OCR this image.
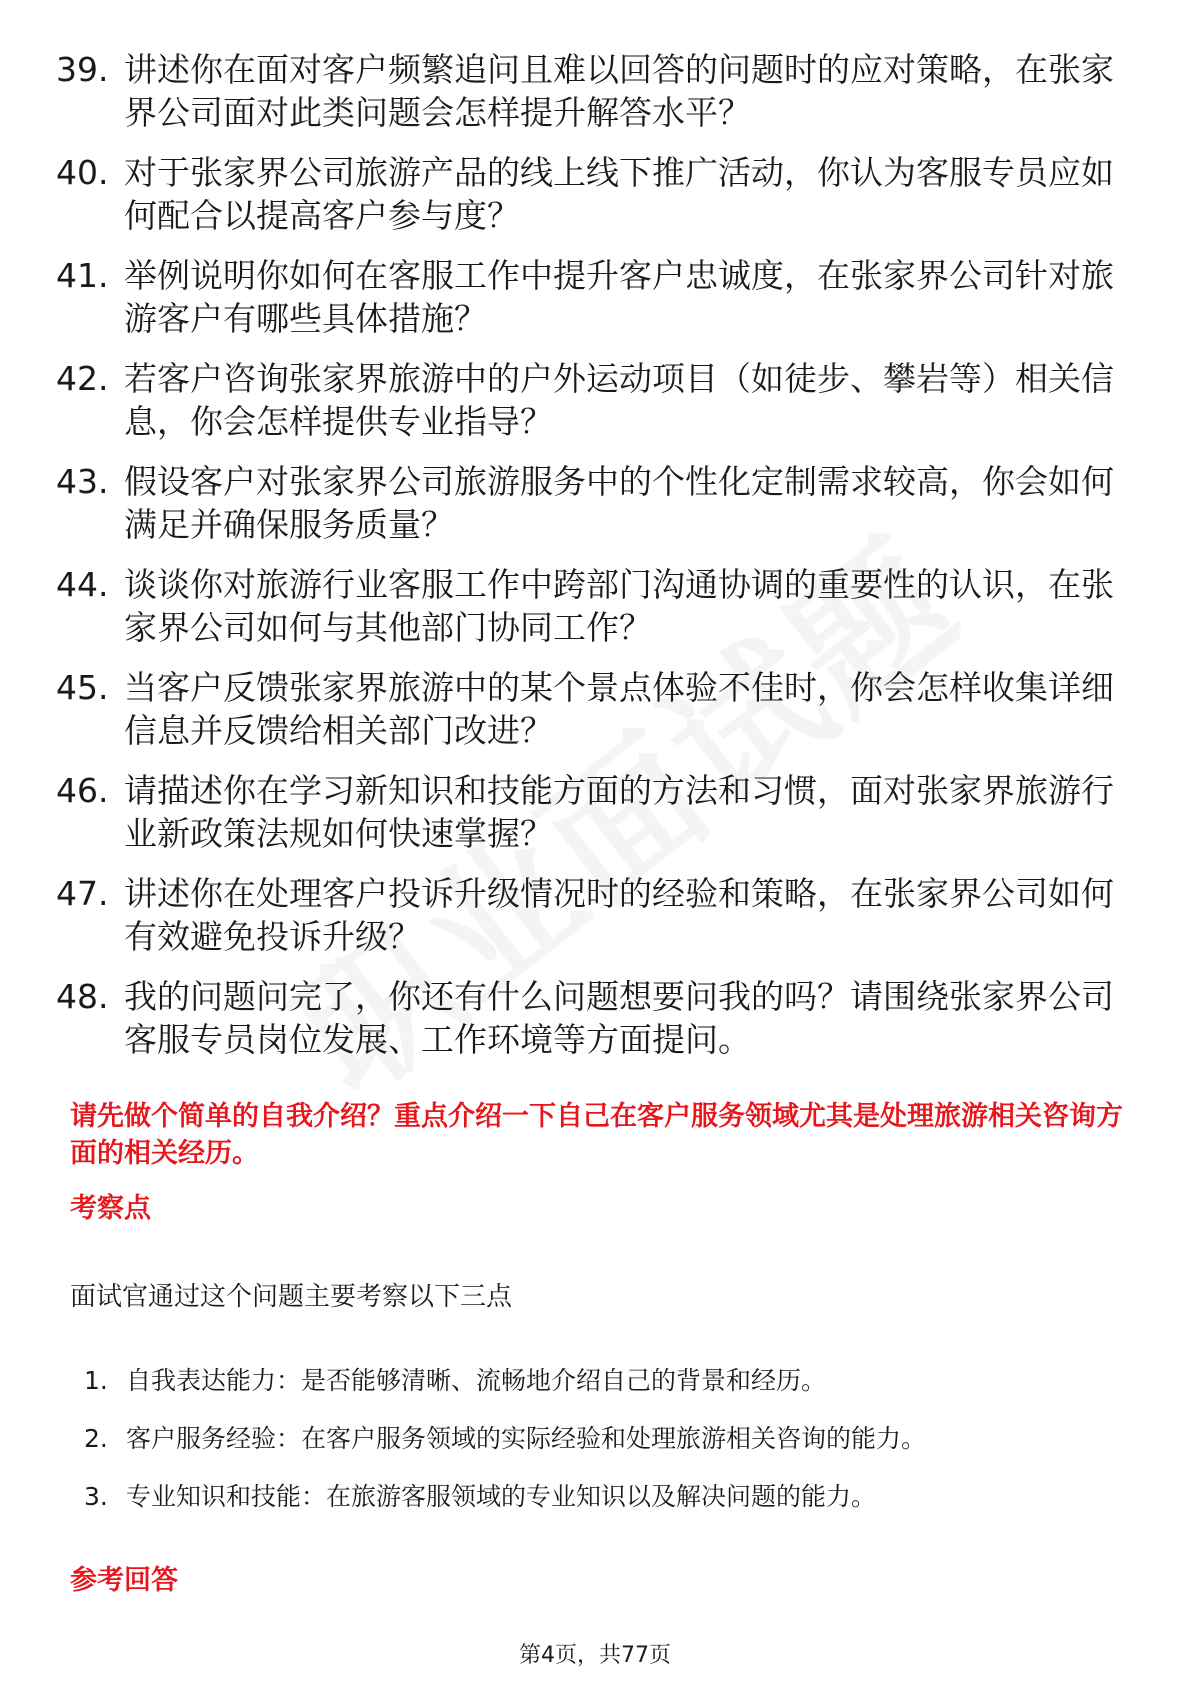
39. 讲述你在面对客户频繁追问且难以回答的问题时的应对策略，在张家界公司面对此类问题会怎样提升解答水平？
40. 对于张家界公司旅游产品的线上线下推广活动，你认为客服专员应如何配合以提高客户参与度？
41. 举例说明你如何在客服工作中提升客户忠诚度，在张家界公司针对旅游客户有哪些具体措施？
42. 若客户咨询张家界旅游中的户外运动项目（如徒步、攀岩等）相关信息，你会怎样提供专业指导？
43. 假设客户对张家界公司旅游服务中的个性化定制需求较高，你会如何满足并确保服务质量？
44. 谈谈你对旅游行业客服工作中跨部门沟通协调的重要性的认识，在张家界公司如何与其他部门协同工作？
45. 当客户反馈张家界旅游中的某个景点体验不佳时，你会怎样收集详细信息并反馈给相关部门改进？
46. 请描述你在学习新知识和技能方面的方法和习惯，面对张家界旅游行业新政策法规如何快速掌握？
47. 讲述你在处理客户投诉升级情况时的经验和策略，在张家界公司如何有效避免投诉升级？
48. 我的问题问完了，你还有什么问题想要问我的吗？请围绕张家界公司客服专员岗位发展、工作环境等方面提问。
请先做个简单的自我介绍？重点介绍一下自己在客户服务领域尤其是处理旅游相关咨询方面的相关经历。
考察点
面试官通过这个问题主要考察以下三点
1. 自我表达能力：是否能够清晰、流畅地介绍自己的背景和经历。
2. 客户服务经验：在客户服务领域的实际经验和处理旅游相关咨询的能力。
3. 专业知识和技能：在旅游客服领域的专业知识以及解决问题的能力。
参考回答
第4页，共77页
